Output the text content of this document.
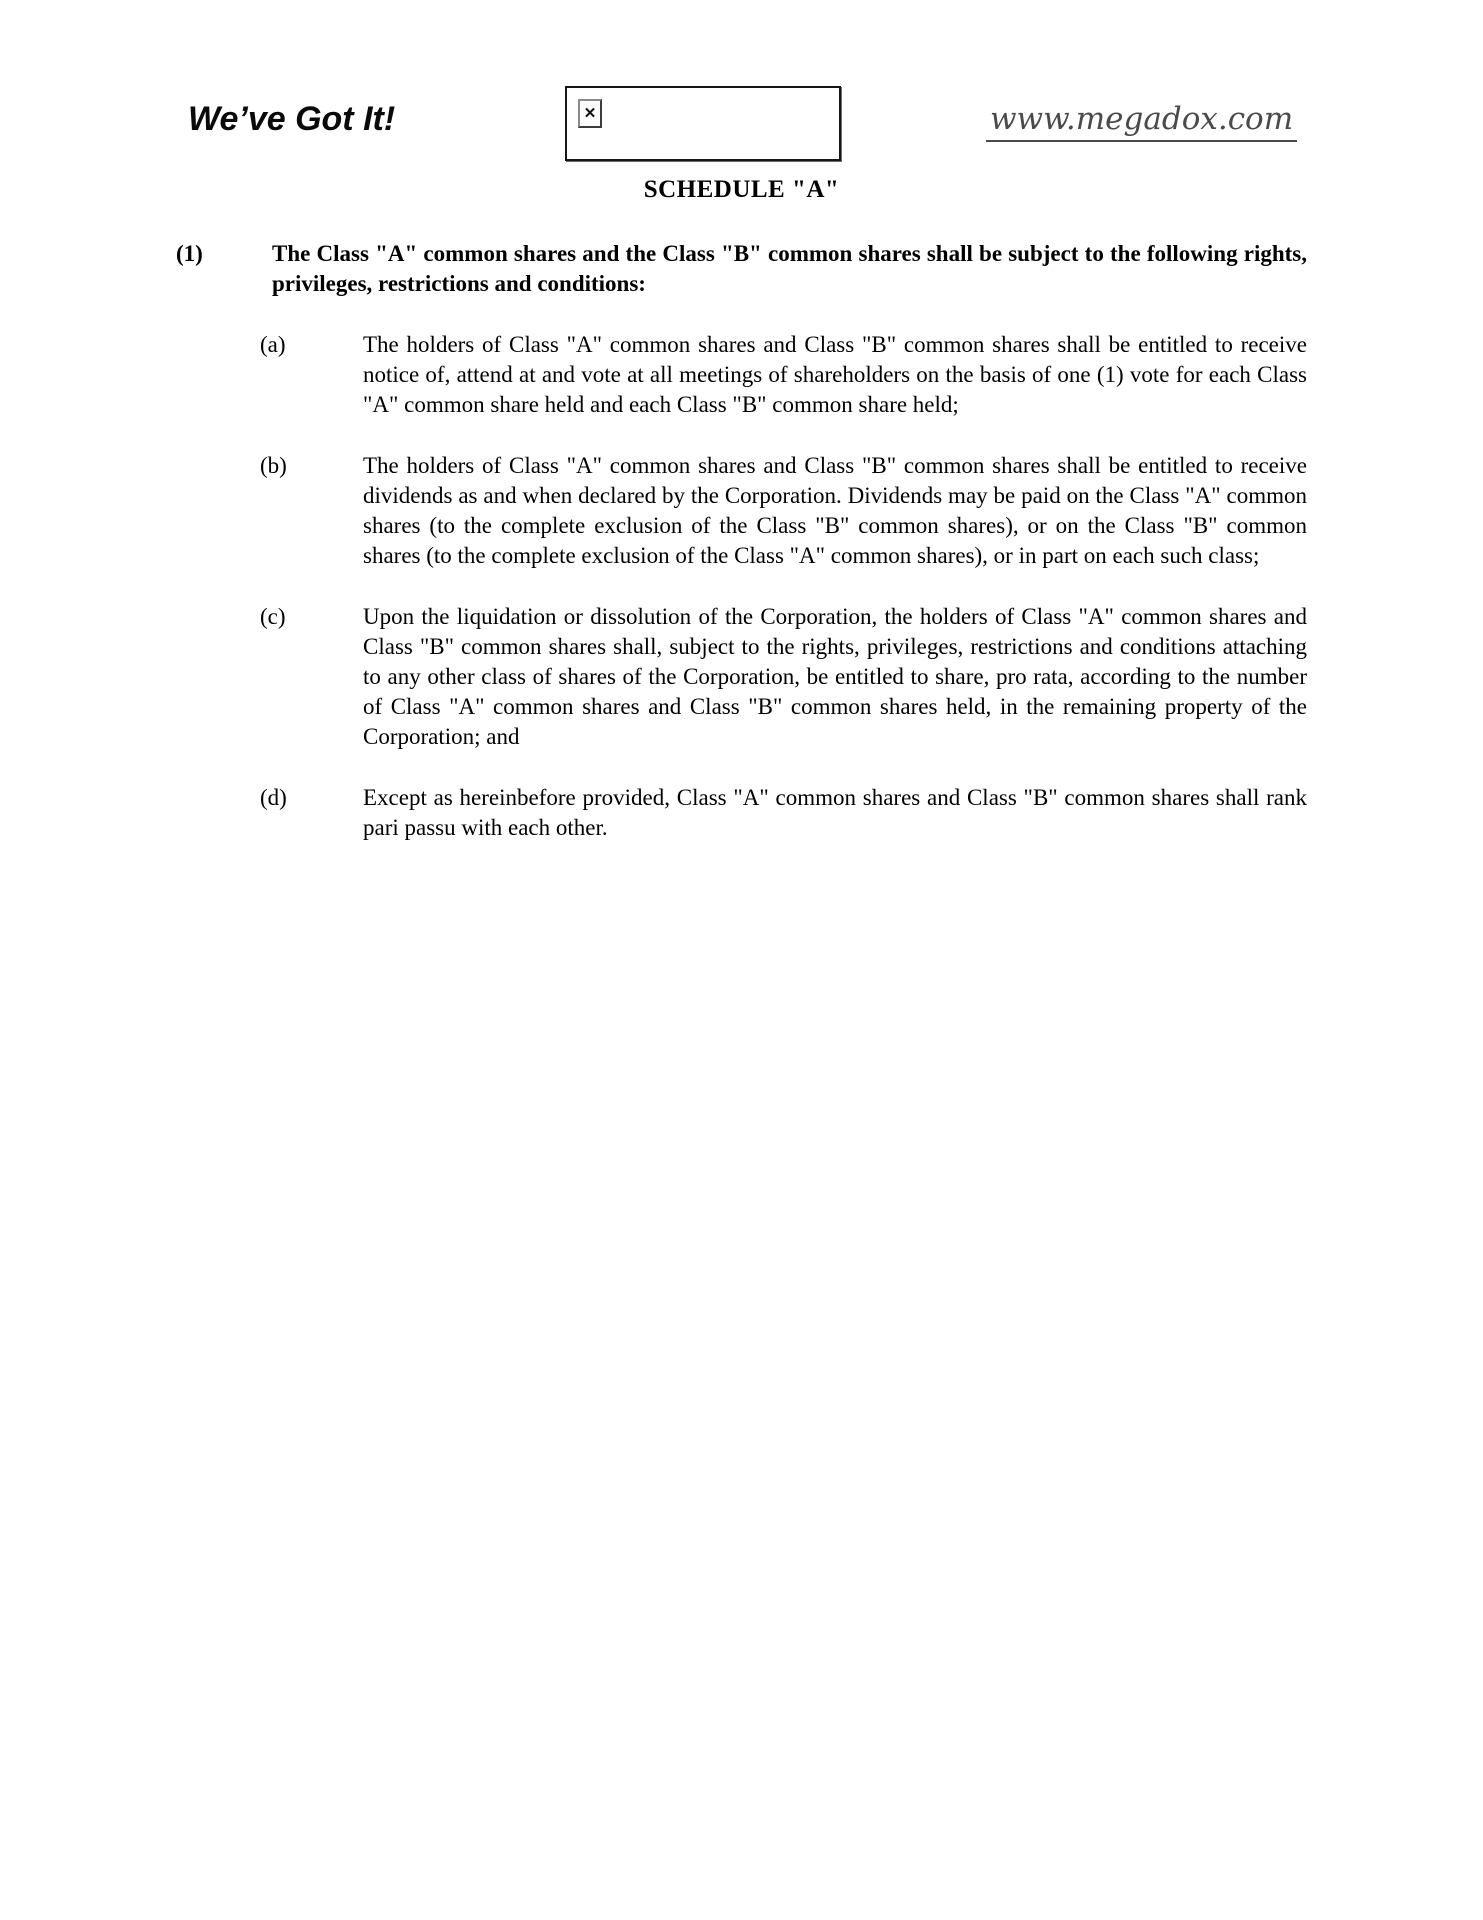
We’ve Got It!	✕	www.megadox.com
SCHEDULE "A"
(1)	The Class "A" common shares and the Class "B" common shares shall be subject to the following rights, privileges, restrictions and conditions:
(a)	The holders of Class "A" common shares and Class "B" common shares shall be entitled to receive notice of, attend at and vote at all meetings of shareholders on the basis of one (1) vote for each Class "A" common share held and each Class "B" common share held;
(b)	The holders of Class "A" common shares and Class "B" common shares shall be entitled to receive dividends as and when declared by the Corporation. Dividends may be paid on the Class "A" common shares (to the complete exclusion of the Class "B" common shares), or on the Class "B" common shares (to the complete exclusion of the Class "A" common shares), or in part on each such class;
(c)	Upon the liquidation or dissolution of the Corporation, the holders of Class "A" common shares and Class "B" common shares shall, subject to the rights, privileges, restrictions and conditions attaching to any other class of shares of the Corporation, be entitled to share, pro rata, according to the number of Class "A" common shares and Class "B" common shares held, in the remaining property of the Corporation; and
(d)	Except as hereinbefore provided, Class "A" common shares and Class "B" common shares shall rank pari passu with each other.
